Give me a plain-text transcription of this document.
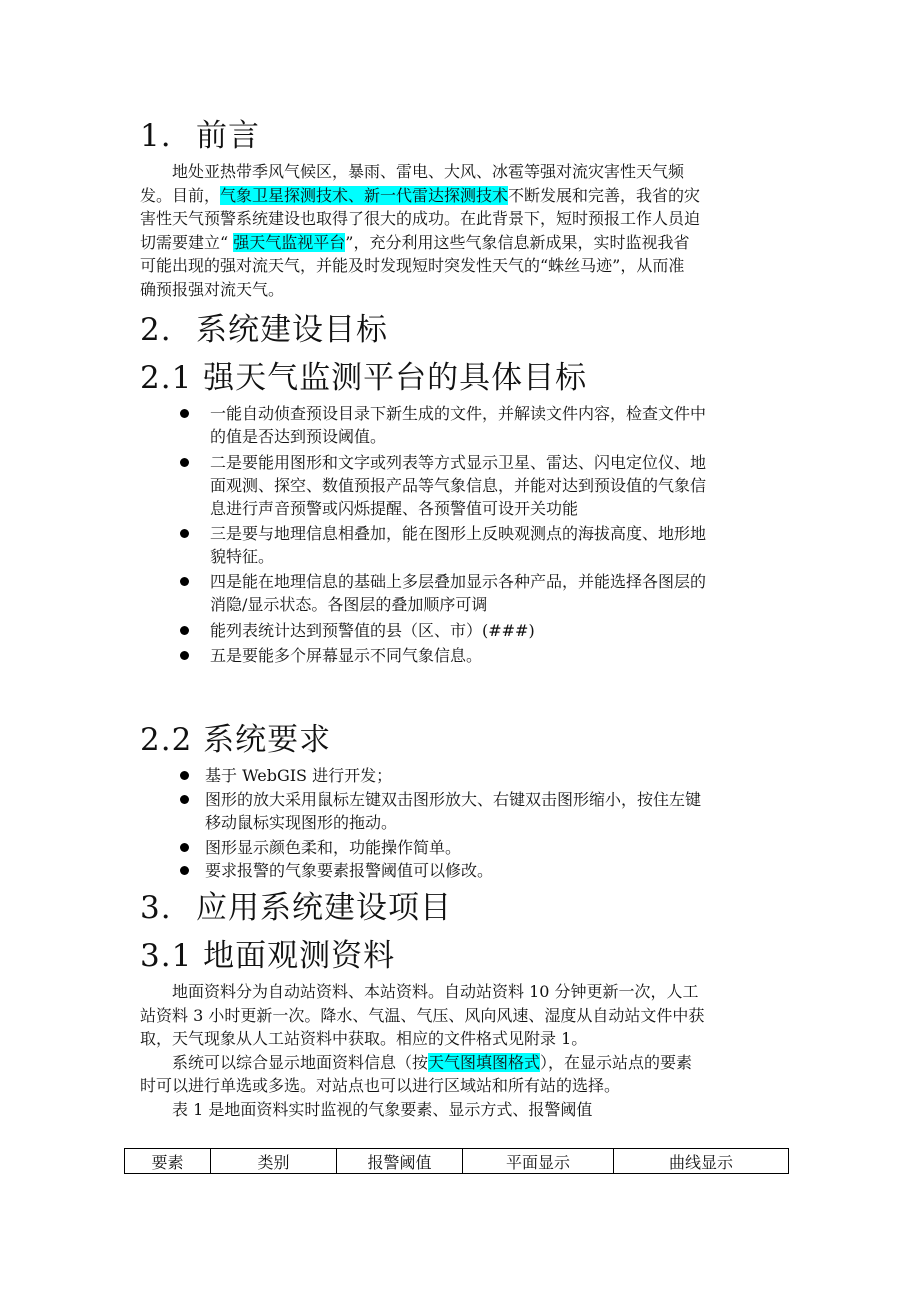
1. 前言
　　地处亚热带季风气候区，暴雨、雷电、大风、冰雹等强对流灾害性天气频
发。目前，气象卫星探测技术、新一代雷达探测技术不断发展和完善，我省的灾
害性天气预警系统建设也取得了很大的成功。在此背景下，短时预报工作人员迫
切需要建立“ 强天气监视平台”，充分利用这些气象信息新成果，实时监视我省
可能出现的强对流天气，并能及时发现短时突发性天气的“蛛丝马迹”，从而准
确预报强对流天气。
2. 系统建设目标
2.1 强天气监测平台的具体目标
一能自动侦查预设目录下新生成的文件，并解读文件内容，检查文件中
的值是否达到预设阈值。
二是要能用图形和文字或列表等方式显示卫星、雷达、闪电定位仪、地
面观测、探空、数值预报产品等气象信息，并能对达到预设值的气象信
息进行声音预警或闪烁提醒、各预警值可设开关功能
三是要与地理信息相叠加，能在图形上反映观测点的海拔高度、地形地
貌特征。
四是能在地理信息的基础上多层叠加显示各种产品，并能选择各图层的
消隐/显示状态。各图层的叠加顺序可调
能列表统计达到预警值的县（区、市）(###)
五是要能多个屏幕显示不同气象信息。
2.2 系统要求
基于 WebGIS 进行开发；
图形的放大采用鼠标左键双击图形放大、右键双击图形缩小，按住左键
移动鼠标实现图形的拖动。
图形显示颜色柔和，功能操作简单。
要求报警的气象要素报警阈值可以修改。
3. 应用系统建设项目
3.1 地面观测资料
　　地面资料分为自动站资料、本站资料。自动站资料 10 分钟更新一次，人工
站资料 3 小时更新一次。降水、气温、气压、风向风速、湿度从自动站文件中获
取，天气现象从人工站资料中获取。相应的文件格式见附录 1。
　　系统可以综合显示地面资料信息（按天气图填图格式），在显示站点的要素
时可以进行单选或多选。对站点也可以进行区域站和所有站的选择。
　　表 1 是地面资料实时监视的气象要素、显示方式、报警阈值
要素	类别	报警阈值	平面显示	曲线显示
